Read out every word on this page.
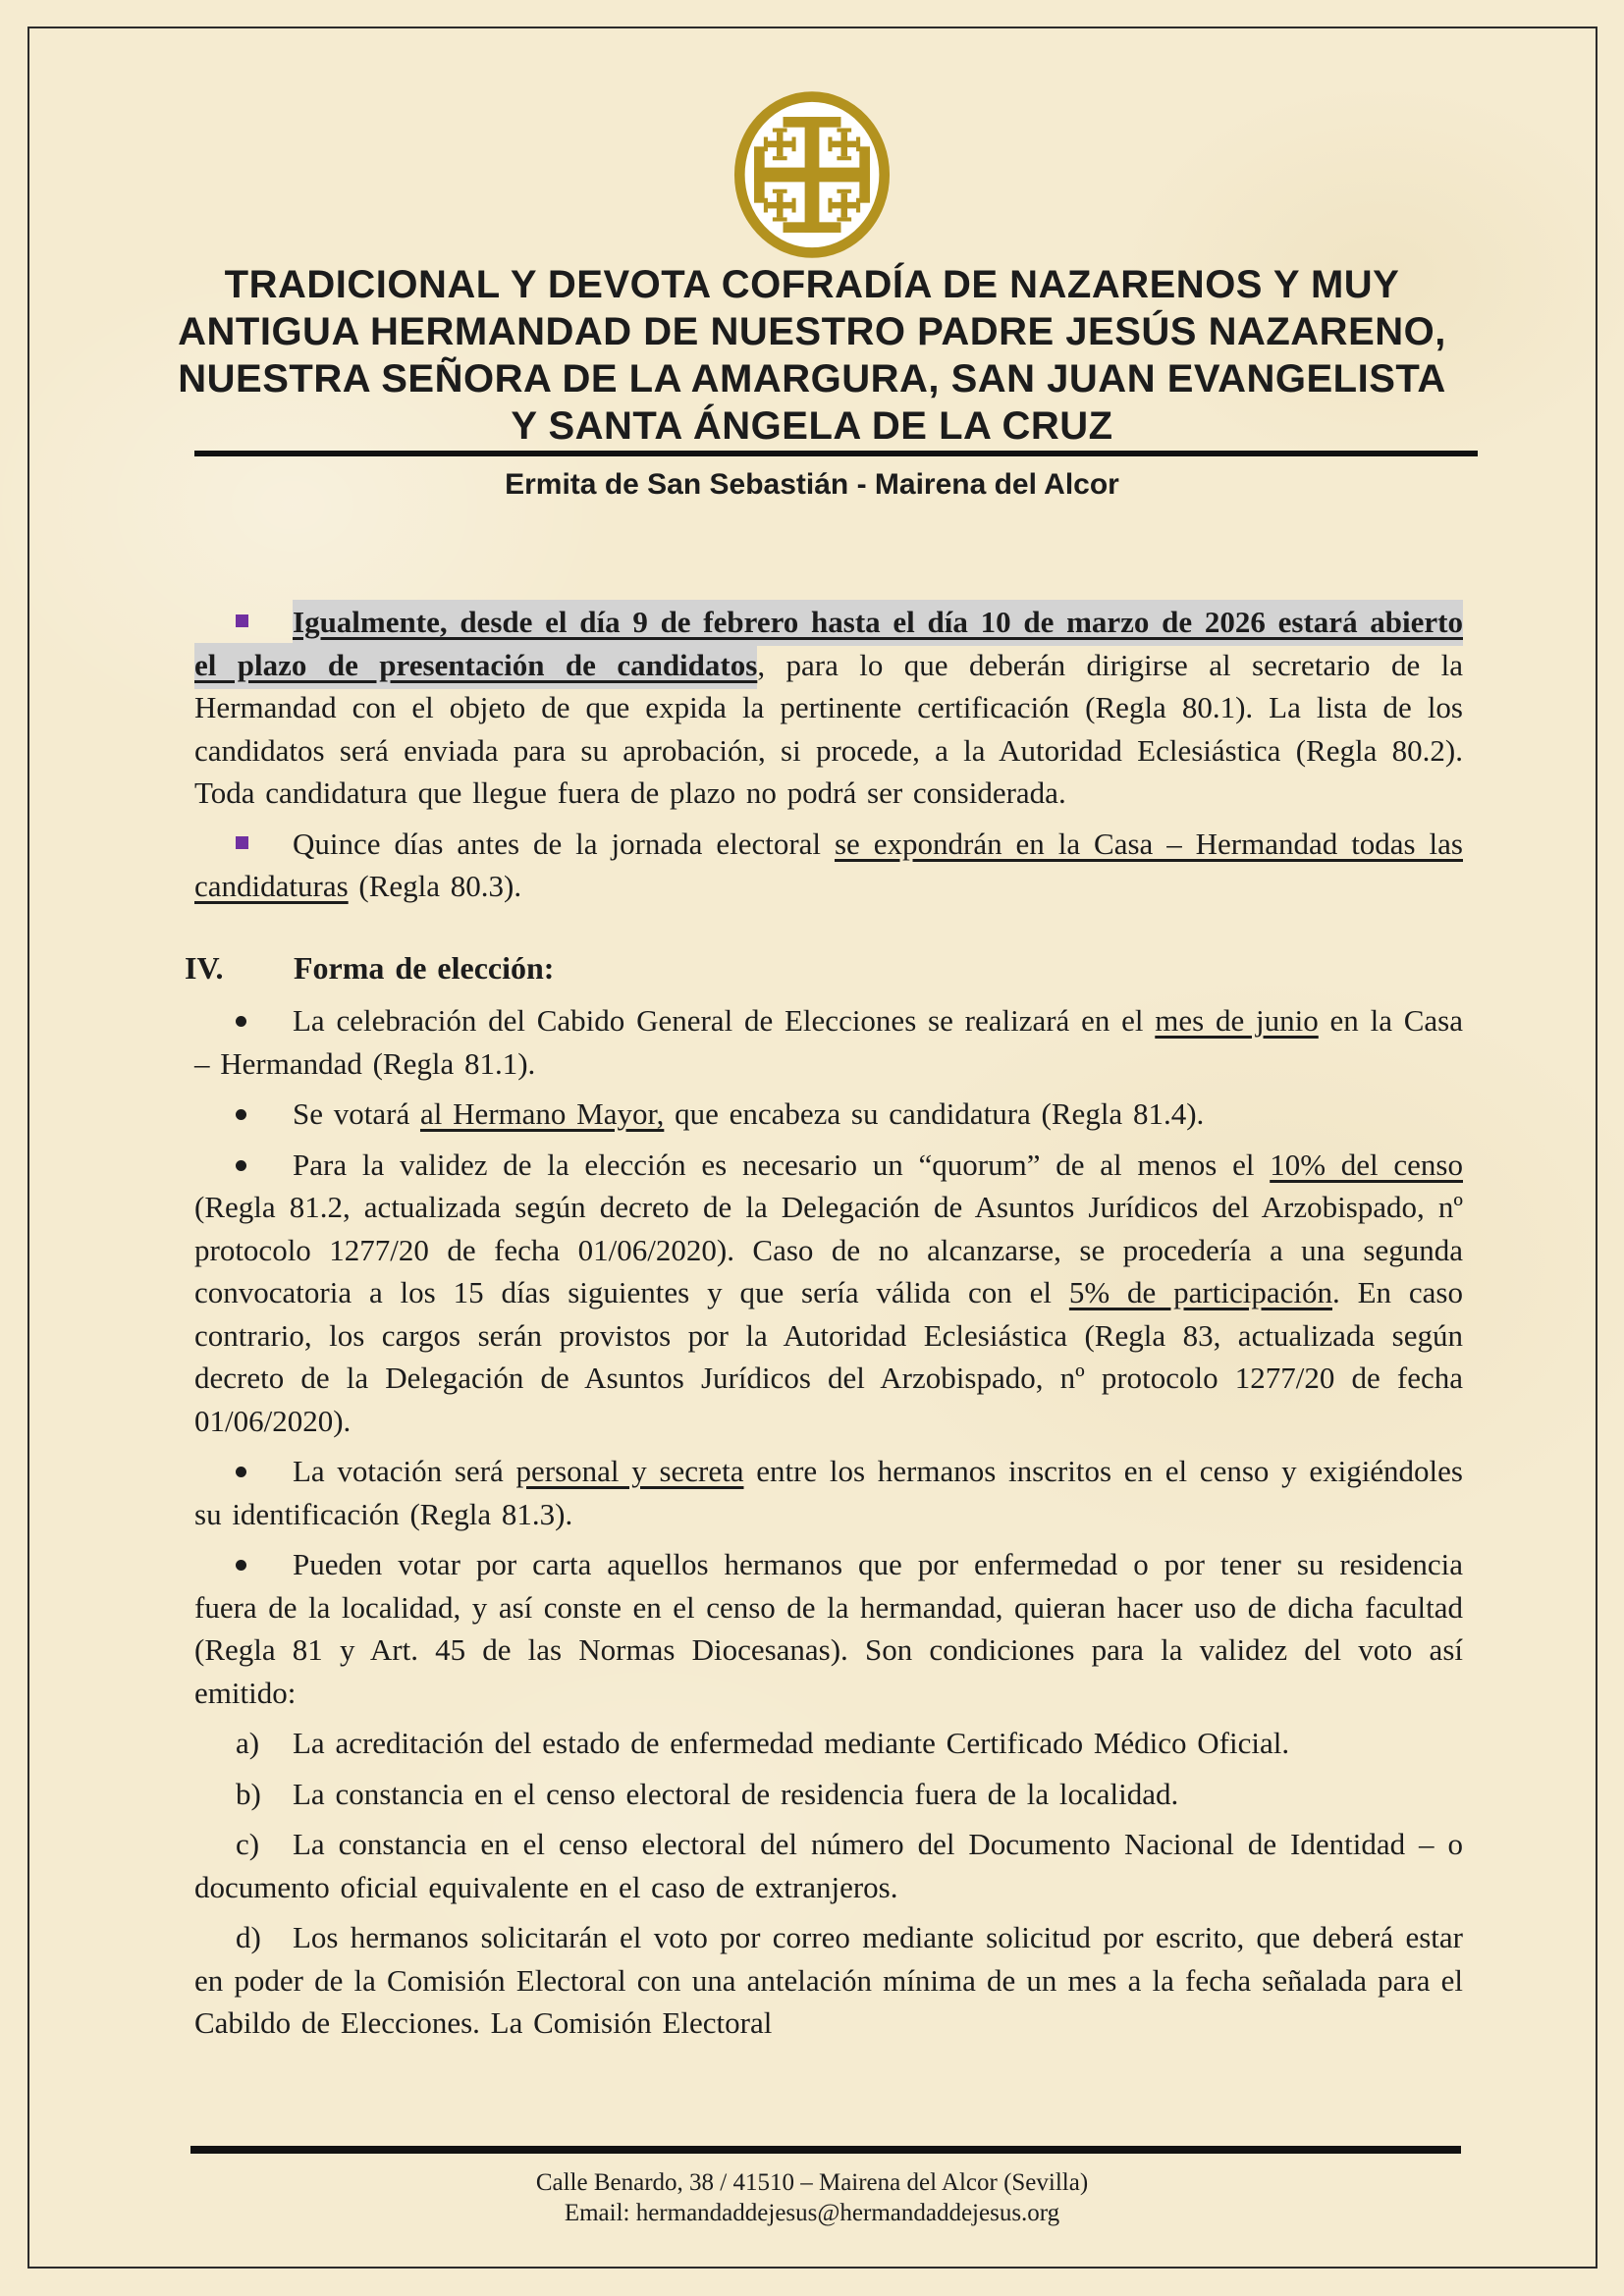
TRADICIONAL Y DEVOTA COFRADÍA DE NAZARENOS Y MUY
ANTIGUA HERMANDAD DE NUESTRO PADRE JESÚS NAZARENO,
NUESTRA SEÑORA DE LA AMARGURA, SAN JUAN EVANGELISTA
Y SANTA ÁNGELA DE LA CRUZ
Ermita de San Sebastián - Mairena del Alcor

Igualmente, desde el día 9 de febrero hasta el día 10 de marzo de 2026 estará abierto el plazo de presentación de candidatos, para lo que deberán dirigirse al secretario de la Hermandad con el objeto de que expida la pertinente certificación (Regla 80.1). La lista de los candidatos será enviada para su aprobación, si procede, a la Autoridad Eclesiástica (Regla 80.2). Toda candidatura que llegue fuera de plazo no podrá ser considerada.

Quince días antes de la jornada electoral se expondrán en la Casa – Hermandad todas las candidaturas (Regla 80.3).

IV. Forma de elección:

La celebración del Cabido General de Elecciones se realizará en el mes de junio en la Casa – Hermandad (Regla 81.1).

Se votará al Hermano Mayor, que encabeza su candidatura (Regla 81.4).

Para la validez de la elección es necesario un “quorum” de al menos el 10% del censo (Regla 81.2, actualizada según decreto de la Delegación de Asuntos Jurídicos del Arzobispado, nº protocolo 1277/20 de fecha 01/06/2020). Caso de no alcanzarse, se procedería a una segunda convocatoria a los 15 días siguientes y que sería válida con el 5% de participación. En caso contrario, los cargos serán provistos por la Autoridad Eclesiástica (Regla 83, actualizada según decreto de la Delegación de Asuntos Jurídicos del Arzobispado, nº protocolo 1277/20 de fecha 01/06/2020).

La votación será personal y secreta entre los hermanos inscritos en el censo y exigiéndoles su identificación (Regla 81.3).

Pueden votar por carta aquellos hermanos que por enfermedad o por tener su residencia fuera de la localidad, y así conste en el censo de la hermandad, quieran hacer uso de dicha facultad (Regla 81 y Art. 45 de las Normas Diocesanas). Son condiciones para la validez del voto así emitido:

a) La acreditación del estado de enfermedad mediante Certificado Médico Oficial.

b) La constancia en el censo electoral de residencia fuera de la localidad.

c) La constancia en el censo electoral del número del Documento Nacional de Identidad – o documento oficial equivalente en el caso de extranjeros.

d) Los hermanos solicitarán el voto por correo mediante solicitud por escrito, que deberá estar en poder de la Comisión Electoral con una antelación mínima de un mes a la fecha señalada para el Cabildo de Elecciones. La Comisión Electoral

Calle Benardo, 38 / 41510 – Mairena del Alcor (Sevilla)
Email: hermandaddejesus@hermandaddejesus.org
